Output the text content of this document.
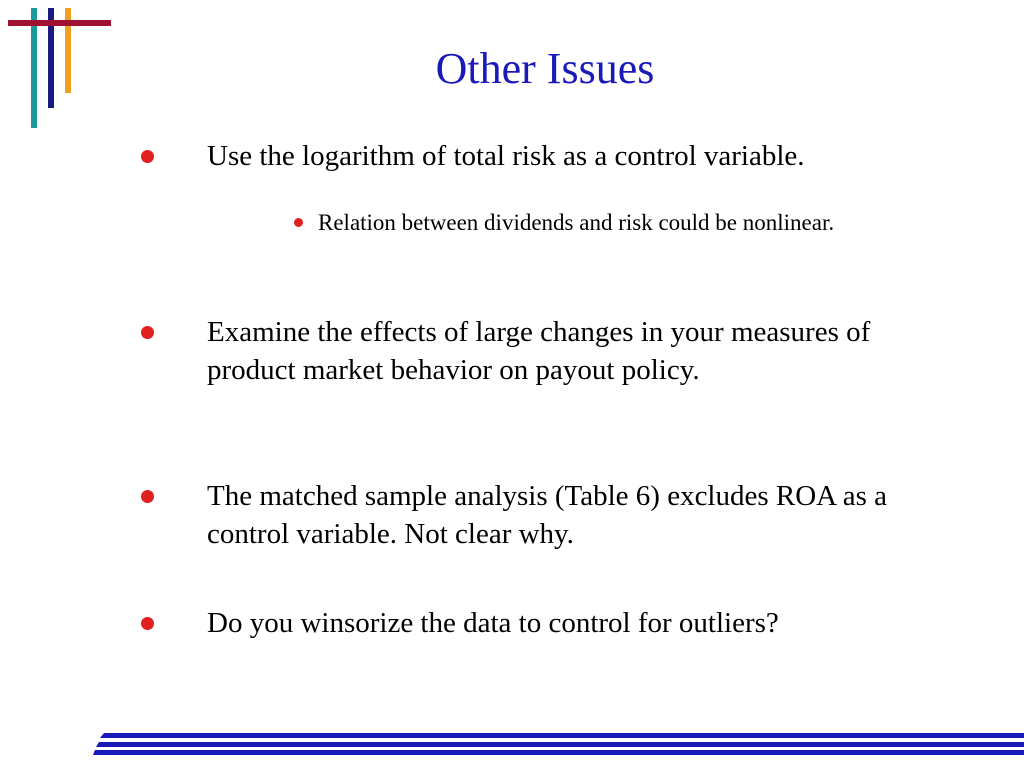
Other Issues
Use the logarithm of total risk as a control variable.
Relation between dividends and risk could be nonlinear.
Examine the effects of large changes in your measures of product market behavior on payout policy.
The matched sample analysis (Table 6) excludes ROA as a control variable. Not clear why.
Do you winsorize the data to control for outliers?
